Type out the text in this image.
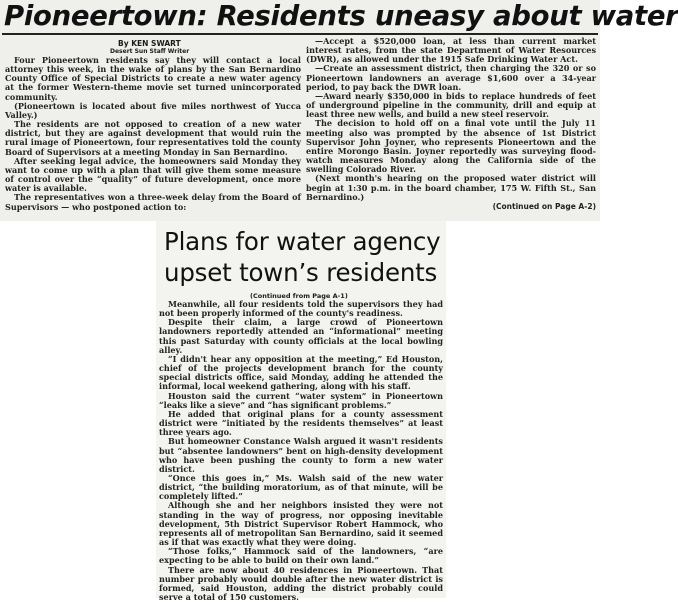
Pioneertown: Residents uneasy about water
By KEN SWART
Desert Sun Staff Writer

Four Pioneertown residents say they will contact a local attorney this week, in the wake of plans by the San Bernardino County Office of Special Districts to create a new water agency at the former Western-theme movie set turned unincorporated community.

(Pioneertown is located about five miles northwest of Yucca Valley.)

The residents are not opposed to creation of a new water district, but they are against development that would ruin the rural image of Pioneertown, four representatives told the county Board of Supervisors at a meeting Monday in San Bernardino.

After seeking legal advice, the homeowners said Monday they want to come up with a plan that will give them some measure of control over the “quality” of future development, once more water is available.

The representatives won a three-week delay from the Board of Supervisors — who postponed action to:

—Accept a $520,000 loan, at less than current market interest rates, from the state Department of Water Resources (DWR), as allowed under the 1915 Safe Drinking Water Act.

—Create an assessment district, then charging the 320 or so Pioneertown landowners an average $1,600 over a 34-year period, to pay back the DWR loan.

—Award nearly $350,000 in bids to replace hundreds of feet of underground pipeline in the community, drill and equip at least three new wells, and build a new steel reservoir.

The decision to hold off on a final vote until the July 11 meeting also was prompted by the absence of 1st District Supervisor John Joyner, who represents Pioneertown and the entire Morongo Basin. Joyner reportedly was surveying flood-watch measures Monday along the California side of the swelling Colorado River.

(Next month's hearing on the proposed water district will begin at 1:30 p.m. in the board chamber, 175 W. Fifth St., San Bernardino.)

(Continued on Page A-2)

Plans for water agency
upset town’s residents
(Continued from Page A-1)

Meanwhile, all four residents told the supervisors they had not been properly informed of the county's readiness.

Despite their claim, a large crowd of Pioneertown landowners reportedly attended an “informational” meeting this past Saturday with county officials at the local bowling alley.

“I didn't hear any opposition at the meeting,” Ed Houston, chief of the projects development branch for the county special districts office, said Monday, adding he attended the informal, local weekend gathering, along with his staff.

Houston said the current “water system” in Pioneertown “leaks like a sieve” and “has significant problems.”

He added that original plans for a county assessment district were “initiated by the residents themselves” at least three years ago.

But homeowner Constance Walsh argued it wasn't residents but “absentee landowners” bent on high-density development who have been pushing the county to form a new water district.

“Once this goes in,” Ms. Walsh said of the new water district, “the building moratorium, as of that minute, will be completely lifted.”

Although she and her neighbors insisted they were not standing in the way of progress, nor opposing inevitable development, 5th District Supervisor Robert Hammock, who represents all of metropolitan San Bernardino, said it seemed as if that was exactly what they were doing.

“Those folks,” Hammock said of the landowners, “are expecting to be able to build on their own land.”

There are now about 40 residences in Pioneertown. That number probably would double after the new water district is formed, said Houston, adding the district probably could serve a total of 150 customers.
